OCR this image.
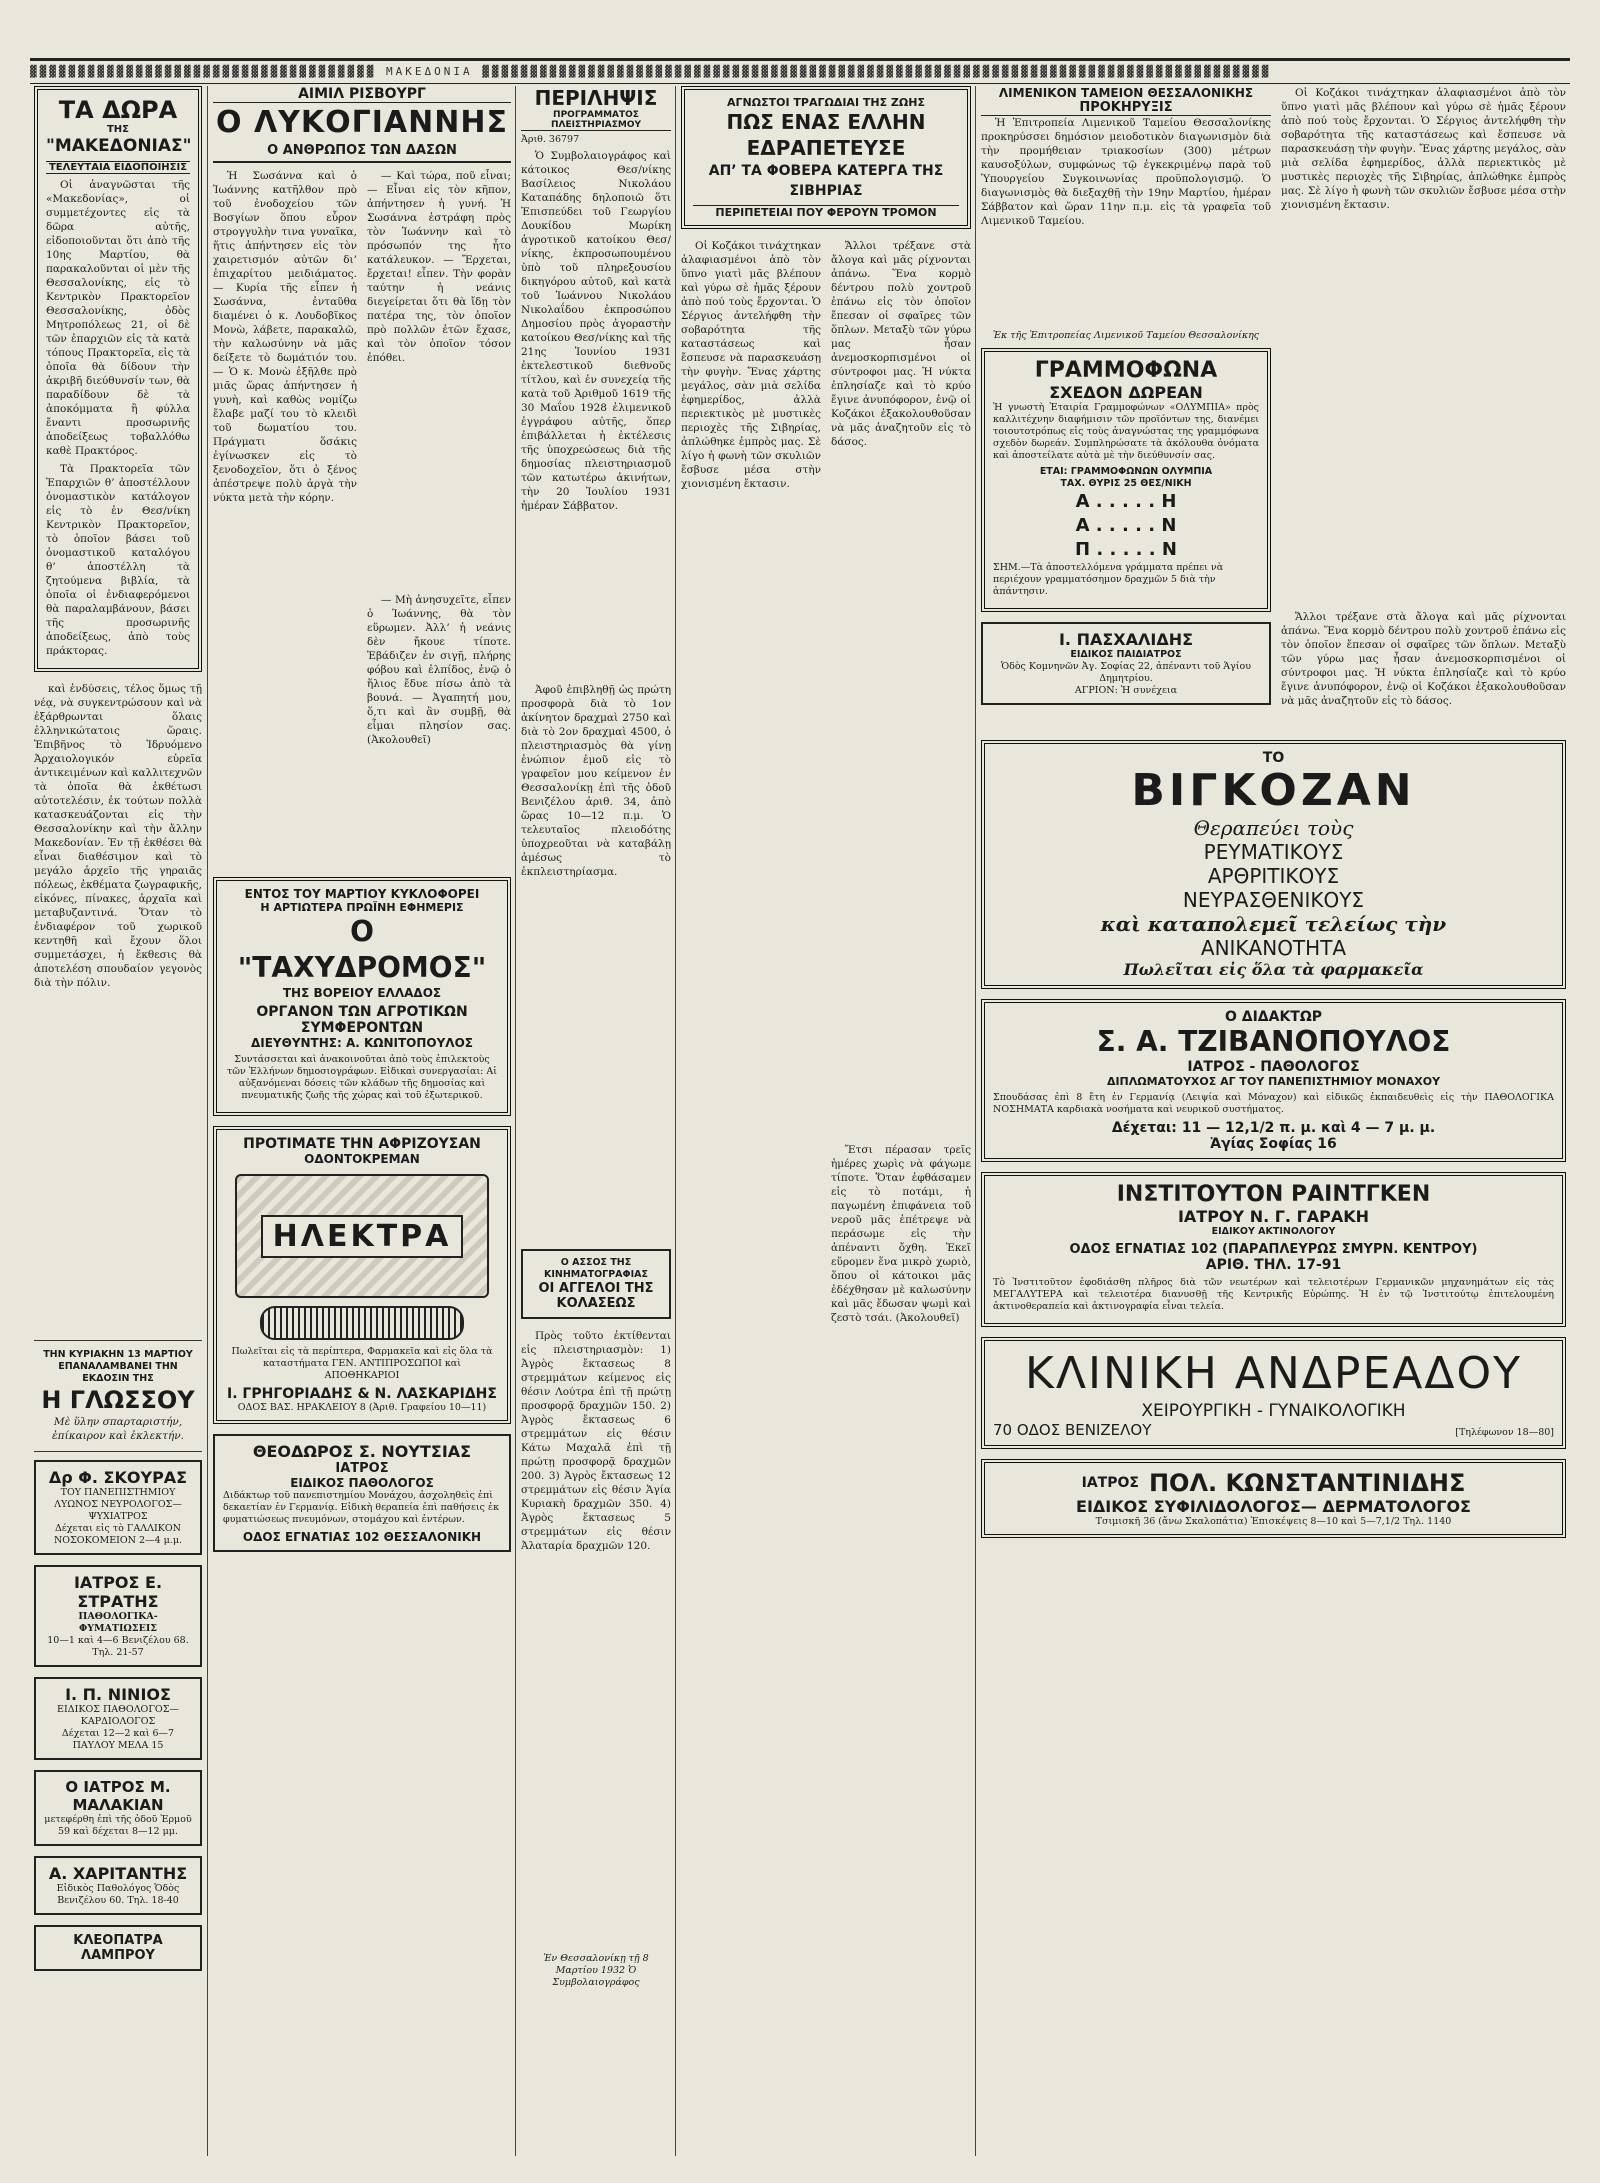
▓▓▓▓▓▓▓▓▓▓▓▓▓▓▓▓▓▓▓▓▓▓▓▓▓▓▓▓▓▓▓▓▓▓▓▓ ΜΑΚΕΔΟΝΙΑ ▓▓▓▓▓▓▓▓▓▓▓▓▓▓▓▓▓▓▓▓▓▓▓▓▓▓▓▓▓▓▓▓▓▓▓▓▓▓▓▓▓▓▓▓▓▓▓▓▓▓▓▓▓▓▓▓▓▓▓▓▓▓▓▓▓▓▓▓▓▓▓▓▓▓▓▓▓▓▓▓▓▓
ΤΑ ΔΩΡΑ
ΤΗΣ
"ΜΑΚΕΔΟΝΙΑΣ"
ΤΕΛΕΥΤΑΙΑ ΕΙΔΟΠΟΙΗΣΙΣ

Οἱ ἀναγνῶσται τῆς «Μακεδονίας», οἱ συμμετέχοντες εἰς τὰ δῶρα αὐτῆς, εἰδοποιοῦνται ὅτι ἀπὸ τῆς 10ης Μαρτίου, θὰ παρακαλοῦνται οἱ μὲν τῆς Θεσσαλονίκης, εἰς τὸ Κεντρικὸν Πρακτορεῖον Θεσσαλονίκης, ὁδὸς Μητροπόλεως 21, οἱ δὲ τῶν ἐπαρχιῶν εἰς τὰ κατὰ τόπους Πρακτορεῖα, εἰς τὰ ὁποῖα θὰ δίδουν τὴν ἀκριβῆ διεύθυνσίν των, θὰ παραδίδουν δὲ τὰ ἀποκόμματα ἢ φύλλα ἔναντι προσωρινῆς ἀποδείξεως τοβαλλόθω καθὲ Πρακτόρος.

Τὰ Πρακτορεῖα τῶν Ἐπαρχιῶν θ’ ἀποστέλλουν ὀνομαστικὸν κατάλογον εἰς τὸ ἐν Θεσ/νίκη Κεντρικὸν Πρακτορεῖον, τὸ ὁποῖον βάσει τοῦ ὀνομαστικοῦ καταλόγου θ’ ἀποστέλλη τὰ ζητούμενα βιβλία, τὰ ὁποῖα οἱ ἐνδιαφερόμενοι θὰ παραλαμβάνουν, βάσει τῆς προσωρινῆς ἀποδείξεως, ἀπὸ τοὺς πράκτορας.

καὶ ἐνδύσεις, τέλος ὅμως τῇ νέᾳ, νὰ συγκεντρώσουν καὶ νὰ ἐξάρθρωνται ὅλαις ἐλληνικώτατοις ὥραις. Ἐπιβῆνος τὸ Ἰδρυόμενο Ἀρχαιολογικόν εὑρεῖα ἀντικειμένων καὶ καλλιτεχνῶν τὰ ὁποῖα θὰ ἐκθέτωσι αὐτοτελέσιν, ἐκ τούτων πολλὰ κατασκευάζονται εἰς τὴν Θεσσαλονίκην καὶ τὴν ἄλλην Μακεδονίαν. Ἐν τῇ ἐκθέσει θὰ εἶναι διαθέσιμον καὶ τὸ μεγάλο ἀρχεῖο τῆς γηραιᾶς πόλεως, ἐκθέματα ζωγραφικῆς, εἰκόνες, πίνακες, ἀρχαῖα καὶ μεταβυζαντινά. Ὅταν τὸ ἐνδιαφέρον τοῦ χωρικοῦ κεντηθῆ καὶ ἔχουν ὅλοι συμμετάσχει, ἡ ἔκθεσις θὰ ἀποτελέση σπουδαίον γεγονὸς διὰ τὴν πόλιν.

ΤΗΝ ΚΥΡΙΑΚΗΝ 13 ΜΑΡΤΙΟΥ
ΕΠΑΝΑΛΑΜΒΑΝΕΙ ΤΗΝ ΕΚΔΟΣΙΝ ΤΗΣ
Η ΓΛΩΣΣΟΥ
Μὲ ὕλην σπαρταριστήν, ἐπίκαιρον καὶ ἐκλεκτήν.
Δρ Φ. ΣΚΟΥΡΑΣ
ΤΟΥ ΠΑΝΕΠΙΣΤΗΜΙΟΥ ΛΥΩΝΟΣ ΝΕΥΡΟΛΟΓΟΣ—ΨΥΧΙΑΤΡΟΣ
Δέχεται εἰς τὸ ΓΑΛΛΙΚΟΝ ΝΟΣΟΚΟΜΕΙΟΝ 2—4 μ.μ.
ΙΑΤΡΟΣ Ε. ΣΤΡΑΤΗΣ
ΠΑΘΟΛΟΓΙΚΑ-ΦΥΜΑΤΙΩΣΕΙΣ
10—1 καὶ 4—6 Βενιζέλου 68. Τηλ. 21-57
Ι. Π. ΝΙΝΙΟΣ
ΕΙΔΙΚΟΣ ΠΑΘΟΛΟΓΟΣ—ΚΑΡΔΙΟΛΟΓΟΣ
Δέχεται 12—2 καὶ 6—7 ΠΑΥΛΟΥ ΜΕΛΑ 15
Ο ΙΑΤΡΟΣ Μ. ΜΑΛΑΚΙΑΝ
μετεφέρθη ἐπὶ τῆς ὁδοῦ Ἑρμοῦ 59 καὶ δέχεται 8—12 μμ.
Α. ΧΑΡΙΤΑΝΤΗΣ
Εἰδικὸς Παθολόγος Ὁδὸς Βενιζέλου 60. Τηλ. 18-40
ΚΛΕΟΠΑΤΡΑ ΛΑΜΠΡΟΥ
ΑΙΜΙΛ ΡΙΣΒΟΥΡΓ
Ο ΛΥΚΟΓΙΑΝΝΗΣ
Ο ΑΝΘΡΩΠΟΣ ΤΩΝ ΔΑΣΩΝ

Ἡ Σωσάννα καὶ ὁ Ἰωάννης κατῆλθον πρὸ τοῦ ἐνοδοχείου τῶν Βοσγίων ὅπου εὗρον στρογγυλὴν τινα γυναῖκα, ἥτις ἀπήντησεν εἰς τὸν χαιρετισμόν αὐτῶν δι’ ἐπιχαρίτου μειδιάματος. — Κυρία τῆς εἶπεν ἡ Σωσάννα, ἐνταῦθα διαμένει ὁ κ. Λουδοβῖκος Μονὼ, λάβετε, παρακαλῶ, τὴν καλωσύνην νὰ μᾶς δείξετε τὸ δωμάτιόν του. — Ὁ κ. Μονὼ ἐξῆλθε πρὸ μιᾶς ὥρας ἀπήντησεν ἡ γυνὴ, καὶ καθὼς νομίζω ἔλαβε μαζί του τὸ κλειδὶ τοῦ δωματίου του. Πράγματι ὅσάκις ἐγίνωσκεν εἰς τὸ ξενοδοχεῖον, ὅτι ὁ ξένος ἀπέστρεψε πολὺ ἀργὰ τὴν νύκτα μετὰ τὴν κόρην.

— Καὶ τώρα, ποῦ εἶναι; — Εἶναι εἰς τὸν κῆπον, ἀπήντησεν ἡ γυνή. Ἡ Σωσάννα ἐστράφη πρὸς τὸν Ἰωάννην καὶ τὸ πρόσωπόν της ἦτο κατάλευκον. — Ἔρχεται, ἔρχεται! εἶπεν. Τὴν φορὰν ταύτην ἡ νεάνις διεγείρεται ὅτι θὰ ἴδῃ τὸν πατέρα της, τὸν ὁποῖον πρὸ πολλῶν ἐτῶν ἔχασε, καὶ τὸν ὁποῖον τόσον ἐπόθει.

— Μὴ ἀνησυχεῖτε, εἶπεν ὁ Ἰωάννης, θὰ τὸν εὕρωμεν. Ἀλλ’ ἡ νεάνις δὲν ἤκουε τίποτε. Ἐβάδιζεν ἐν σιγῇ, πλήρης φόβου καὶ ἐλπίδος, ἐνῷ ὁ ἥλιος ἔδυε πίσω ἀπὸ τὰ βουνά. — Ἀγαπητή μου, ὅ,τι καὶ ἂν συμβῇ, θὰ εἶμαι πλησίον σας. (Ἀκολουθεῖ)

ΕΝΤΟΣ ΤΟΥ ΜΑΡΤΙΟΥ ΚΥΚΛΟΦΟΡΕΙ
Η ΑΡΤΙΩΤΕΡΑ ΠΡΩΪΝΗ ΕΦΗΜΕΡΙΣ
Ο "ΤΑΧΥΔΡΟΜΟΣ"
ΤΗΣ ΒΟΡΕΙΟΥ ΕΛΛΑΔΟΣ
ΟΡΓΑΝΟΝ ΤΩΝ ΑΓΡΟΤΙΚΩΝ ΣΥΜΦΕΡΟΝΤΩΝ
ΔΙΕΥΘΥΝΤΗΣ: Α. ΚΩΝΙΤΟΠΟΥΛΟΣ

Συντάσσεται καὶ ἀνακοινοῦται ἀπὸ τοὺς ἐπιλεκτοὺς τῶν Ἑλλήνων δημοσιογράφων. Εἰδικαὶ συνεργασίαι: Αἱ αὐξανόμεναι δόσεις τῶν κλάδων τῆς δημοσίας καὶ πνευματικῆς ζωῆς τῆς χώρας καὶ τοῦ ἐξωτερικοῦ.

ΠΡΟΤΙΜΑΤΕ ΤΗΝ ΑΦΡΙΖΟΥΣΑΝ
ΟΔΟΝΤΟΚΡΕΜΑΝ
ΗΛΕΚΤΡΑ

Πωλεῖται εἰς τὰ περίπτερα, Φαρμακεῖα καὶ εἰς ὅλα τὰ καταστήματα ΓΕΝ. ΑΝΤΙΠΡΟΣΩΠΟΙ καὶ ΑΠΟΘΗΚΑΡΙΟΙ

Ι. ΓΡΗΓΟΡΙΑΔΗΣ & Ν. ΛΑΣΚΑΡΙΔΗΣ
ΟΔΟΣ ΒΑΣ. ΗΡΑΚΛΕΙΟΥ 8 (Ἀριθ. Γραφείου 10—11)
ΘΕΟΔΩΡΟΣ Σ. ΝΟΥΤΣΙΑΣ
ΙΑΤΡΟΣ
ΕΙΔΙΚΟΣ ΠΑΘΟΛΟΓΟΣ

Διδάκτωρ τοῦ πανεπιστημίου Μονάχου, ἀσχοληθεὶς ἐπὶ δεκαετίαν ἐν Γερμανίᾳ. Εἰδικὴ θεραπεία ἐπὶ παθήσεις ἐκ φυματιώσεως πνευμόνων, στομάχου καὶ ἐντέρων.

ΟΔΟΣ ΕΓΝΑΤΙΑΣ 102 ΘΕΣΣΑΛΟΝΙΚΗ
ΠΕΡΙΛΗΨΙΣ
ΠΡΟΓΡΑΜΜΑΤΟΣ ΠΛΕΙΣΤΗΡΙΑΣΜΟΥ
Ἀριθ. 36797

Ὁ Συμβολαιογράφος καὶ κάτοικος Θεσ/νίκης Βασίλειος Νικολάου Καταπάδης δηλοποιῶ ὅτι Ἐπισπεύδει τοῦ Γεωργίου Δουκίδου Μωρίκη ἀγροτικοῦ κατοίκου Θεσ/νίκης, ἐκπροσωπουμένου ὑπὸ τοῦ πληρεξουσίου δικηγόρου αὐτοῦ, καὶ κατὰ τοῦ Ἰωάννου Νικολάου Νικολαΐδου ἐκπροσώπου Δημοσίου πρὸς ἀγοραστὴν κατοίκου Θεσ/νίκης καὶ τῆς 21ης Ἰουνίου 1931 ἐκτελεστικοῦ διεθνοῦς τίτλου, καὶ ἐν συνεχείᾳ τῆς κατὰ τοῦ Ἀριθμοῦ 1619 τῆς 30 Μαΐου 1928 ἐλιμενικοῦ ἐγγράφου αὐτῆς, ὅπερ ἐπιβάλλεται ἡ ἐκτέλεσις τῆς ὑποχρεώσεως διὰ τῆς δημοσίας πλειστηριασμοῦ τῶν κατωτέρω ἀκινήτων, τὴν 20 Ἰουλίου 1931 ἡμέραν Σάββατον.

Ἀφοῦ ἐπιβληθῇ ὡς πρώτη προσφορὰ διὰ τὸ 1ον ἀκίνητον δραχμαὶ 2750 καὶ διὰ τὸ 2ον δραχμαὶ 4500, ὁ πλειστηριασμὸς θὰ γίνῃ ἐνώπιον ἐμοῦ εἰς τὸ γραφεῖον μου κείμενον ἐν Θεσσαλονίκῃ ἐπὶ τῆς ὁδοῦ Βενιζέλου ἀριθ. 34, ἀπὸ ὥρας 10—12 π.μ. Ὁ τελευταῖος πλειοδότης ὑποχρεοῦται νὰ καταβάλῃ ἀμέσως τὸ ἐκπλειστηρίασμα.

Ο ΑΣΣΟΣ ΤΗΣ ΚΙΝΗΜΑΤΟΓΡΑΦΙΑΣ
ΟΙ ΑΓΓΕΛΟΙ ΤΗΣ ΚΟΛΑΣΕΩΣ

Πρὸς τοῦτο ἐκτίθενται εἰς πλειστηριασμὸν: 1) Ἀγρὸς ἔκτασεως 8 στρεμμάτων κείμενος εἰς θέσιν Λούτρα ἐπὶ τῇ πρώτῃ προσφορᾷ δραχμῶν 150. 2) Ἀγρὸς ἔκτασεως 6 στρεμμάτων εἰς θέσιν Κάτω Μαχαλᾶ ἐπὶ τῇ πρώτῃ προσφορᾷ δραχμῶν 200. 3) Ἀγρὸς ἔκτασεως 12 στρεμμάτων εἰς θέσιν Ἁγία Κυριακὴ δραχμῶν 350. 4) Ἀγρὸς ἔκτασεως 5 στρεμμάτων εἰς θέσιν Ἀλαταρία δραχμῶν 120.

Ἐν Θεσσαλονίκῃ τῇ 8 Μαρτίου 1932 Ὁ Συμβολαιογράφος

ΑΓΝΩΣΤΟΙ ΤΡΑΓΩΔΙΑΙ ΤΗΣ ΖΩΗΣ
ΠΩΣ ΕΝΑΣ ΕΛΛΗΝ ΕΔΡΑΠΕΤΕΥΣΕ
ΑΠ’ ΤΑ ΦΟΒΕΡΑ ΚΑΤΕΡΓΑ ΤΗΣ ΣΙΒΗΡΙΑΣ
ΠΕΡΙΠΕΤΕΙΑΙ ΠΟΥ ΦΕΡΟΥΝ ΤΡΟΜΟΝ

Οἱ Κοζάκοι τινάχτηκαν ἀλαφιασμένοι ἀπὸ τὸν ὕπνο γιατὶ μᾶς βλέπουν καὶ γύρω σὲ ἡμᾶς ξέρουν ἀπὸ πού τοὺς ἔρχονται. Ὁ Σέργιος ἀντελήφθη τὴν σοβαρότητα τῆς καταστάσεως καὶ ἔσπευσε νὰ παρασκευάσῃ τὴν φυγὴν. Ἔνας χάρτης μεγάλος, σὰν μιὰ σελίδα ἐφημερίδος, ἀλλὰ περιεκτικὸς μὲ μυστικὲς περιοχὲς τῆς Σιβηρίας, ἀπλώθηκε ἐμπρὸς μας. Σὲ λίγο ἡ φωνὴ τῶν σκυλιῶν ἔσβυσε μέσα στὴν χιονισμένη ἔκτασιν.

Ἄλλοι τρέξανε στὰ ἄλογα καὶ μᾶς ρίχνονται ἀπάνω. Ἕνα κορμὸ δέντρου πολὺ χοντροῦ ἐπάνω εἰς τὸν ὁποῖον ἔπεσαν οἱ σφαῖρες τῶν ὅπλων. Μεταξὺ τῶν γύρω μας ἦσαν ἀνεμοσκορπισμένοι οἱ σύντροφοι μας. Ἡ νύκτα ἐπλησίαζε καὶ τὸ κρύο ἔγινε ἀνυπόφορον, ἐνῷ οἱ Κοζάκοι ἐξακολουθοῦσαν νὰ μᾶς ἀναζητοῦν εἰς τὸ δάσος.

Ἔτσι πέρασαν τρεῖς ἡμέρες χωρὶς νὰ φάγωμε τίποτε. Ὅταν ἐφθάσαμεν εἰς τὸ ποτάμι, ἡ παγωμένη ἐπιφάνεια τοῦ νεροῦ μᾶς ἐπέτρεψε νὰ περάσωμε εἰς τὴν ἀπέναντι ὄχθη. Ἐκεῖ εὕρομεν ἕνα μικρὸ χωριὸ, ὅπου οἱ κάτοικοι μᾶς ἐδέχθησαν μὲ καλωσύνην καὶ μᾶς ἔδωσαν ψωμὶ καὶ ζεστὸ τσάι. (Ἀκολουθεῖ)

ΛΙΜΕΝΙΚΟΝ ΤΑΜΕΙΟΝ ΘΕΣΣΑΛΟΝΙΚΗΣ
ΠΡΟΚΗΡΥΞΙΣ

Ἡ Ἐπιτροπεία Λιμενικοῦ Ταμείου Θεσσαλονίκης προκηρύσσει δημόσιον μειοδοτικὸν διαγωνισμὸν διὰ τὴν προμήθειαν τριακοσίων (300) μέτρων καυσοξύλων, συμφώνως τῷ ἐγκεκριμένῳ παρὰ τοῦ Ὑπουργείου Συγκοινωνίας προϋπολογισμῷ. Ὁ διαγωνισμὸς θὰ διεξαχθῇ τὴν 19ην Μαρτίου, ἡμέραν Σάββατον καὶ ὥραν 11ην π.μ. εἰς τὰ γραφεῖα τοῦ Λιμενικοῦ Ταμείου.

Ἐκ τῆς Ἐπιτροπείας Λιμενικοῦ Ταμείου Θεσσαλονίκης

ΓΡΑΜΜΟΦΩΝΑ
ΣΧΕΔΟΝ ΔΩΡΕΑΝ

Ἡ γνωστὴ Ἑταιρία Γραμμοφώνων «ΟΛΥΜΠΙΑ» πρὸς καλλιτέχνην διαφήμισιν τῶν προϊόντων της, διανέμει τοιουτοτρόπως εἰς τοὺς ἀναγνώστας της γραμμόφωνα σχεδὸν δωρεάν. Συμπληρώσατε τὰ ἀκόλουθα ὀνόματα καὶ ἀποστείλατε αὐτὰ μὲ τὴν διεύθυνσίν σας.

ΕΤΑΙ: ΓΡΑΜΜΟΦΩΝΩΝ ΟΛΥΜΠΙΑ
ΤΑΧ. ΘΥΡΙΣ 25 ΘΕΣ/ΝΙΚΗ
Α . . . . . Η
Α . . . . . Ν
Π . . . . . Ν

ΣΗΜ.—Τὰ ἀποστελλόμενα γράμματα πρέπει νὰ περιέχουν γραμματόσημον δραχμῶν 5 διὰ τὴν ἀπάντησιν.

Ι. ΠΑΣΧΑΛΙΔΗΣ
ΕΙΔΙΚΟΣ ΠΑΙΔΙΑΤΡΟΣ
Ὁδὸς Κομνηνῶν Ἀγ. Σοφίας 22, ἀπέναντι τοῦ Ἁγίου Δημητρίου.
ΑΓΡΙΟΝ: Ἡ συνέχεια

Οἱ Κοζάκοι τινάχτηκαν ἀλαφιασμένοι ἀπὸ τὸν ὕπνο γιατὶ μᾶς βλέπουν καὶ γύρω σὲ ἡμᾶς ξέρουν ἀπὸ πού τοὺς ἔρχονται. Ὁ Σέργιος ἀντελήφθη τὴν σοβαρότητα τῆς καταστάσεως καὶ ἔσπευσε νὰ παρασκευάσῃ τὴν φυγὴν. Ἔνας χάρτης μεγάλος, σὰν μιὰ σελίδα ἐφημερίδος, ἀλλὰ περιεκτικὸς μὲ μυστικὲς περιοχὲς τῆς Σιβηρίας, ἀπλώθηκε ἐμπρὸς μας. Σὲ λίγο ἡ φωνὴ τῶν σκυλιῶν ἔσβυσε μέσα στὴν χιονισμένη ἔκτασιν.

Ἄλλοι τρέξανε στὰ ἄλογα καὶ μᾶς ρίχνονται ἀπάνω. Ἕνα κορμὸ δέντρου πολὺ χοντροῦ ἐπάνω εἰς τὸν ὁποῖον ἔπεσαν οἱ σφαῖρες τῶν ὅπλων. Μεταξὺ τῶν γύρω μας ἦσαν ἀνεμοσκορπισμένοι οἱ σύντροφοι μας. Ἡ νύκτα ἐπλησίαζε καὶ τὸ κρύο ἔγινε ἀνυπόφορον, ἐνῷ οἱ Κοζάκοι ἐξακολουθοῦσαν νὰ μᾶς ἀναζητοῦν εἰς τὸ δάσος.

ΤΟ
ΒΙΓΚΟΖΑΝ
Θεραπεύει τοὺς
ΡΕΥΜΑΤΙΚΟΥΣ
ΑΡΘΡΙΤΙΚΟΥΣ
ΝΕΥΡΑΣΘΕΝΙΚΟΥΣ
καὶ καταπολεμεῖ τελείως τὴν
ΑΝΙΚΑΝΟΤΗΤΑ
Πωλεῖται εἰς ὅλα τὰ φαρμακεῖα
Ο ΔΙΔΑΚΤΩΡ
Σ. Α. ΤΖΙΒΑΝΟΠΟΥΛΟΣ
ΙΑΤΡΟΣ - ΠΑΘΟΛΟΓΟΣ
ΔΙΠΛΩΜΑΤΟΥΧΟΣ ΑΓ ΤΟΥ ΠΑΝΕΠΙΣΤΗΜΙΟΥ ΜΟΝΑΧΟΥ

Σπουδάσας ἐπὶ 8 ἔτη ἐν Γερμανίᾳ (Λειψία καὶ Μόναχον) καὶ εἰδικῶς ἐκπαιδευθεὶς εἰς τὴν ΠΑΘΟΛΟΓΙΚΑ ΝΟΣΗΜΑΤΑ καρδιακὰ νοσήματα καὶ νευρικοῦ συστήματος.

Δέχεται: 11 — 12,1/2 π. μ. καὶ 4 — 7 μ. μ.
Ἁγίας Σοφίας 16
ΙΝΣΤΙΤΟΥΤΟΝ ΡΑΙΝΤΓΚΕΝ
ΙΑΤΡΟΥ Ν. Γ. ΓΑΡΑΚΗ
ΕΙΔΙΚΟΥ ΑΚΤΙΝΟΛΟΓΟΥ
ΟΔΟΣ ΕΓΝΑΤΙΑΣ 102 (ΠΑΡΑΠΛΕΥΡΩΣ ΣΜΥΡΝ. ΚΕΝΤΡΟΥ)
ΑΡΙΘ. ΤΗΛ. 17-91

Τὸ Ἰνστιτοῦτον ἐφοδιάσθη πλῆρος διὰ τῶν νεωτέρων καὶ τελειοτέρων Γερμανικῶν μηχανημάτων εἰς τὰς ΜΕΓΑΛΥΤΕΡΑ καὶ τελειοτέρα διανυσθῇ τῆς Κεντρικῆς Εὐρώπης. Ἡ ἐν τῷ Ἰνστιτούτῳ ἐπιτελουμένη ἀκτινοθεραπεία καὶ ἀκτινογραφία εἶναι τελεία.

ΚΛΙΝΙΚΗ ΑΝΔΡΕΑΔΟΥ
ΧΕΙΡΟΥΡΓΙΚΗ - ΓΥΝΑΙΚΟΛΟΓΙΚΗ
70 ΟΔΟΣ ΒΕΝΙΖΕΛΟΥ	[Τηλέφωνον 18—80]
ΙΑΤΡΟΣ ΠΟΛ. ΚΩΝΣΤΑΝΤΙΝΙΔΗΣ
ΕΙΔΙΚΟΣ ΣΥΦΙΛΙΔΟΛΟΓΟΣ— ΔΕΡΜΑΤΟΛΟΓΟΣ
Τσιμισκῆ 36 (ἄνω Σκαλοπάτια) Ἐπισκέψεις 8—10 καὶ 5—7,1/2 Τηλ. 1140
